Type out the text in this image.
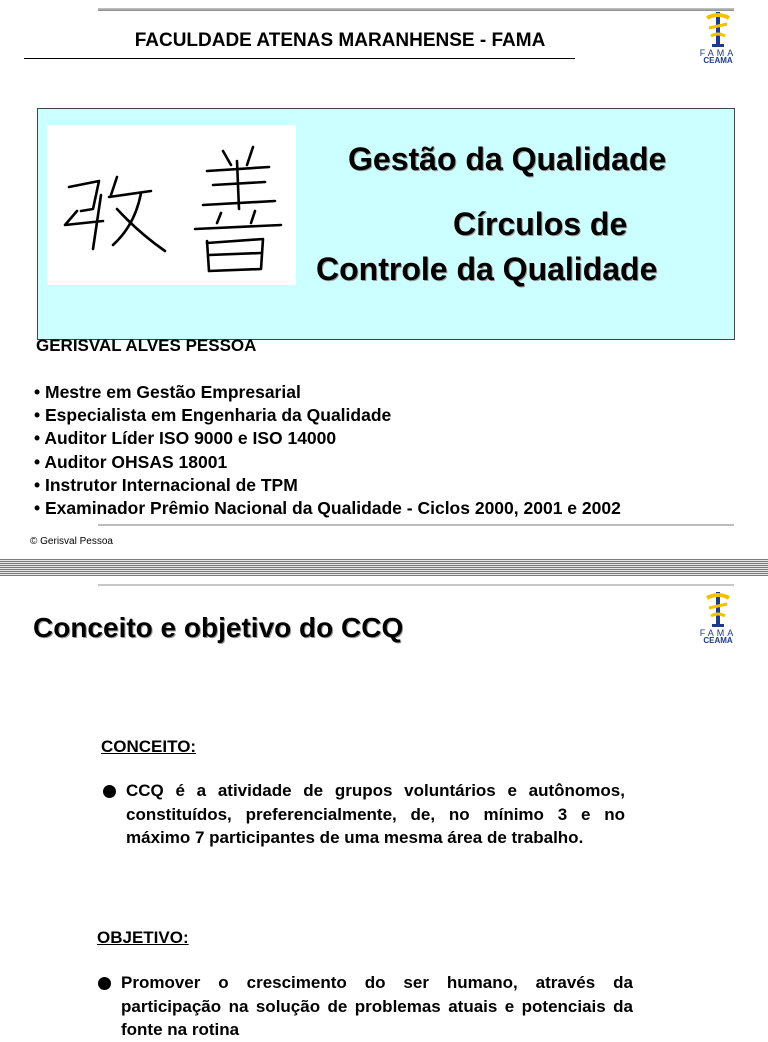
FACULDADE ATENAS MARANHENSE - FAMA
FAMA
CEAMA
Gestão da Qualidade
Círculos de
Controle da Qualidade
GERISVAL ALVES PESSOA
• Mestre em Gestão Empresarial
• Especialista em Engenharia da Qualidade
• Auditor Líder ISO 9000 e ISO 14000
• Auditor OHSAS 18001
• Instrutor Internacional de TPM
• Examinador Prêmio Nacional da Qualidade - Ciclos 2000, 2001 e 2002
© Gerisval Pessoa
FAMA
CEAMA
Conceito e objetivo do CCQ
CONCEITO:
CCQ é a atividade de grupos voluntários e autônomos, constituídos, preferencialmente, de, no mínimo 3 e no máximo 7 participantes de uma mesma área de trabalho.
OBJETIVO:
Promover o crescimento do ser humano, através da participação na solução de problemas atuais e potenciais da fonte na rotina
